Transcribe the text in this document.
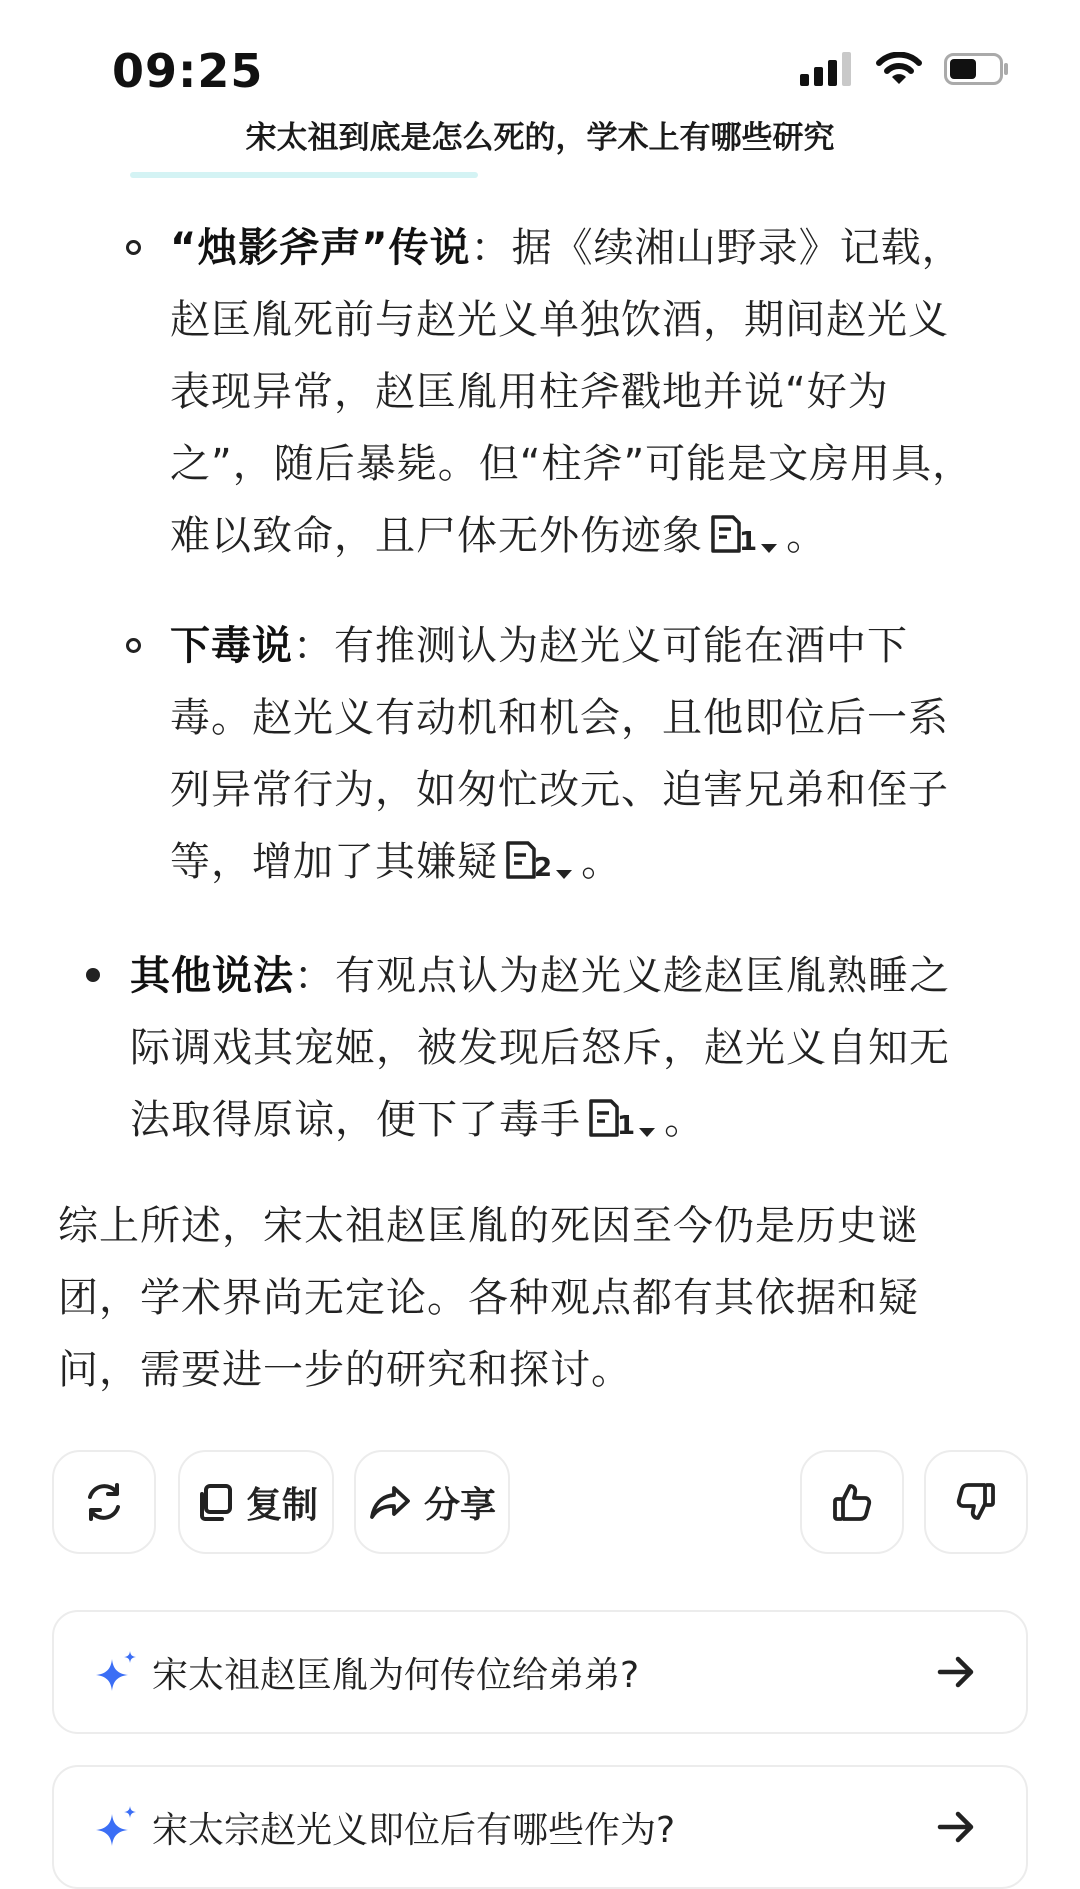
09:25
宋太祖到底是怎么死的，学术上有哪些研究
“烛影斧声”传说：据《续湘山野录》记载，
赵匡胤死前与赵光义单独饮酒，期间赵光义
表现异常，赵匡胤用柱斧戳地并说“好为
之”，随后暴毙。但“柱斧”可能是文房用具，
难以致命，且尸体无外伤迹象 1 。
下毒说：有推测认为赵光义可能在酒中下
毒。赵光义有动机和机会，且他即位后一系
列异常行为，如匆忙改元、迫害兄弟和侄子
等，增加了其嫌疑 2 。
其他说法：有观点认为赵光义趁赵匡胤熟睡之
际调戏其宠姬，被发现后怒斥，赵光义自知无
法取得原谅，便下了毒手 1 。
综上所述，宋太祖赵匡胤的死因至今仍是历史谜
团，学术界尚无定论。各种观点都有其依据和疑
问，需要进一步的研究和探讨。
复制	分享
宋太祖赵匡胤为何传位给弟弟?
宋太宗赵光义即位后有哪些作为?
